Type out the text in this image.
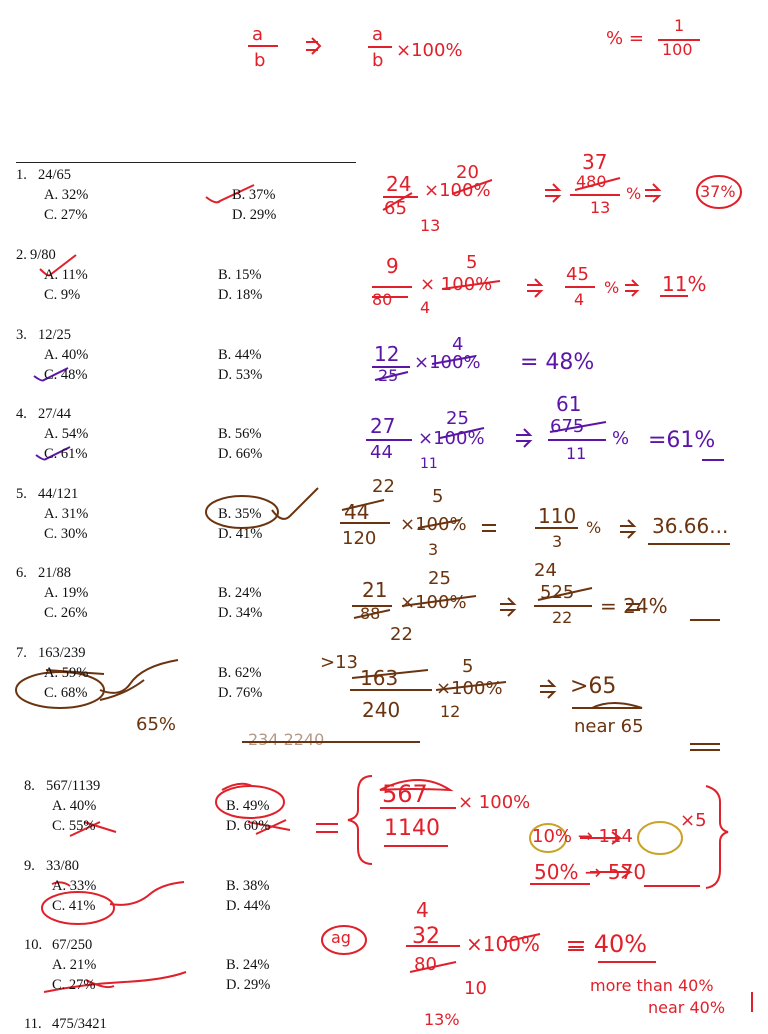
a
b
a
b ×100%
% =
1
100
1. 24/65
A. 32%	B. 37%
C. 27%	D. 29%
2. 9/80
A. 11%	B. 15%
C. 9%	D. 18%
3. 12/25
A. 40%	B. 44%
C. 48%	D. 53%
4. 27/44
A. 54%	B. 56%
C. 61%	D. 66%
5. 44/121
A. 31%	B. 35%
C. 30%	D. 41%
6. 21/88
A. 19%	B. 24%
C. 26%	D. 34%
7. 163/239
A. 59%	B. 62%
C. 68%	D. 76%
8. 567/1139
A. 40%	B. 49%
C. 55%	D. 60%
9. 33/80
A. 33%	B. 38%
C. 41%	D. 44%
10. 67/250
A. 21%	B. 24%
C. 27%	D. 29%
11. 475/3421
20
24
65
13
×100%
37
480
13
%	37%
5
9
80 4
× 100%	45
4
% 11%
4
12
25
×100% = 48%
25
27
44
11
×100%
61
675
11
% =61%
22 5
44
120
3
×100%	110
3
%	36.66...
25
21
88
22
×100%
24
525
22 = 24%
>13	5
163
240 12
×100%	>65
near 65
65%
234 2240
567
1140
× 100%
10% → 114
50% → 570
×5
ag
4
32
80
10
×100% = 40%
more than 40%
near 40%
13%
